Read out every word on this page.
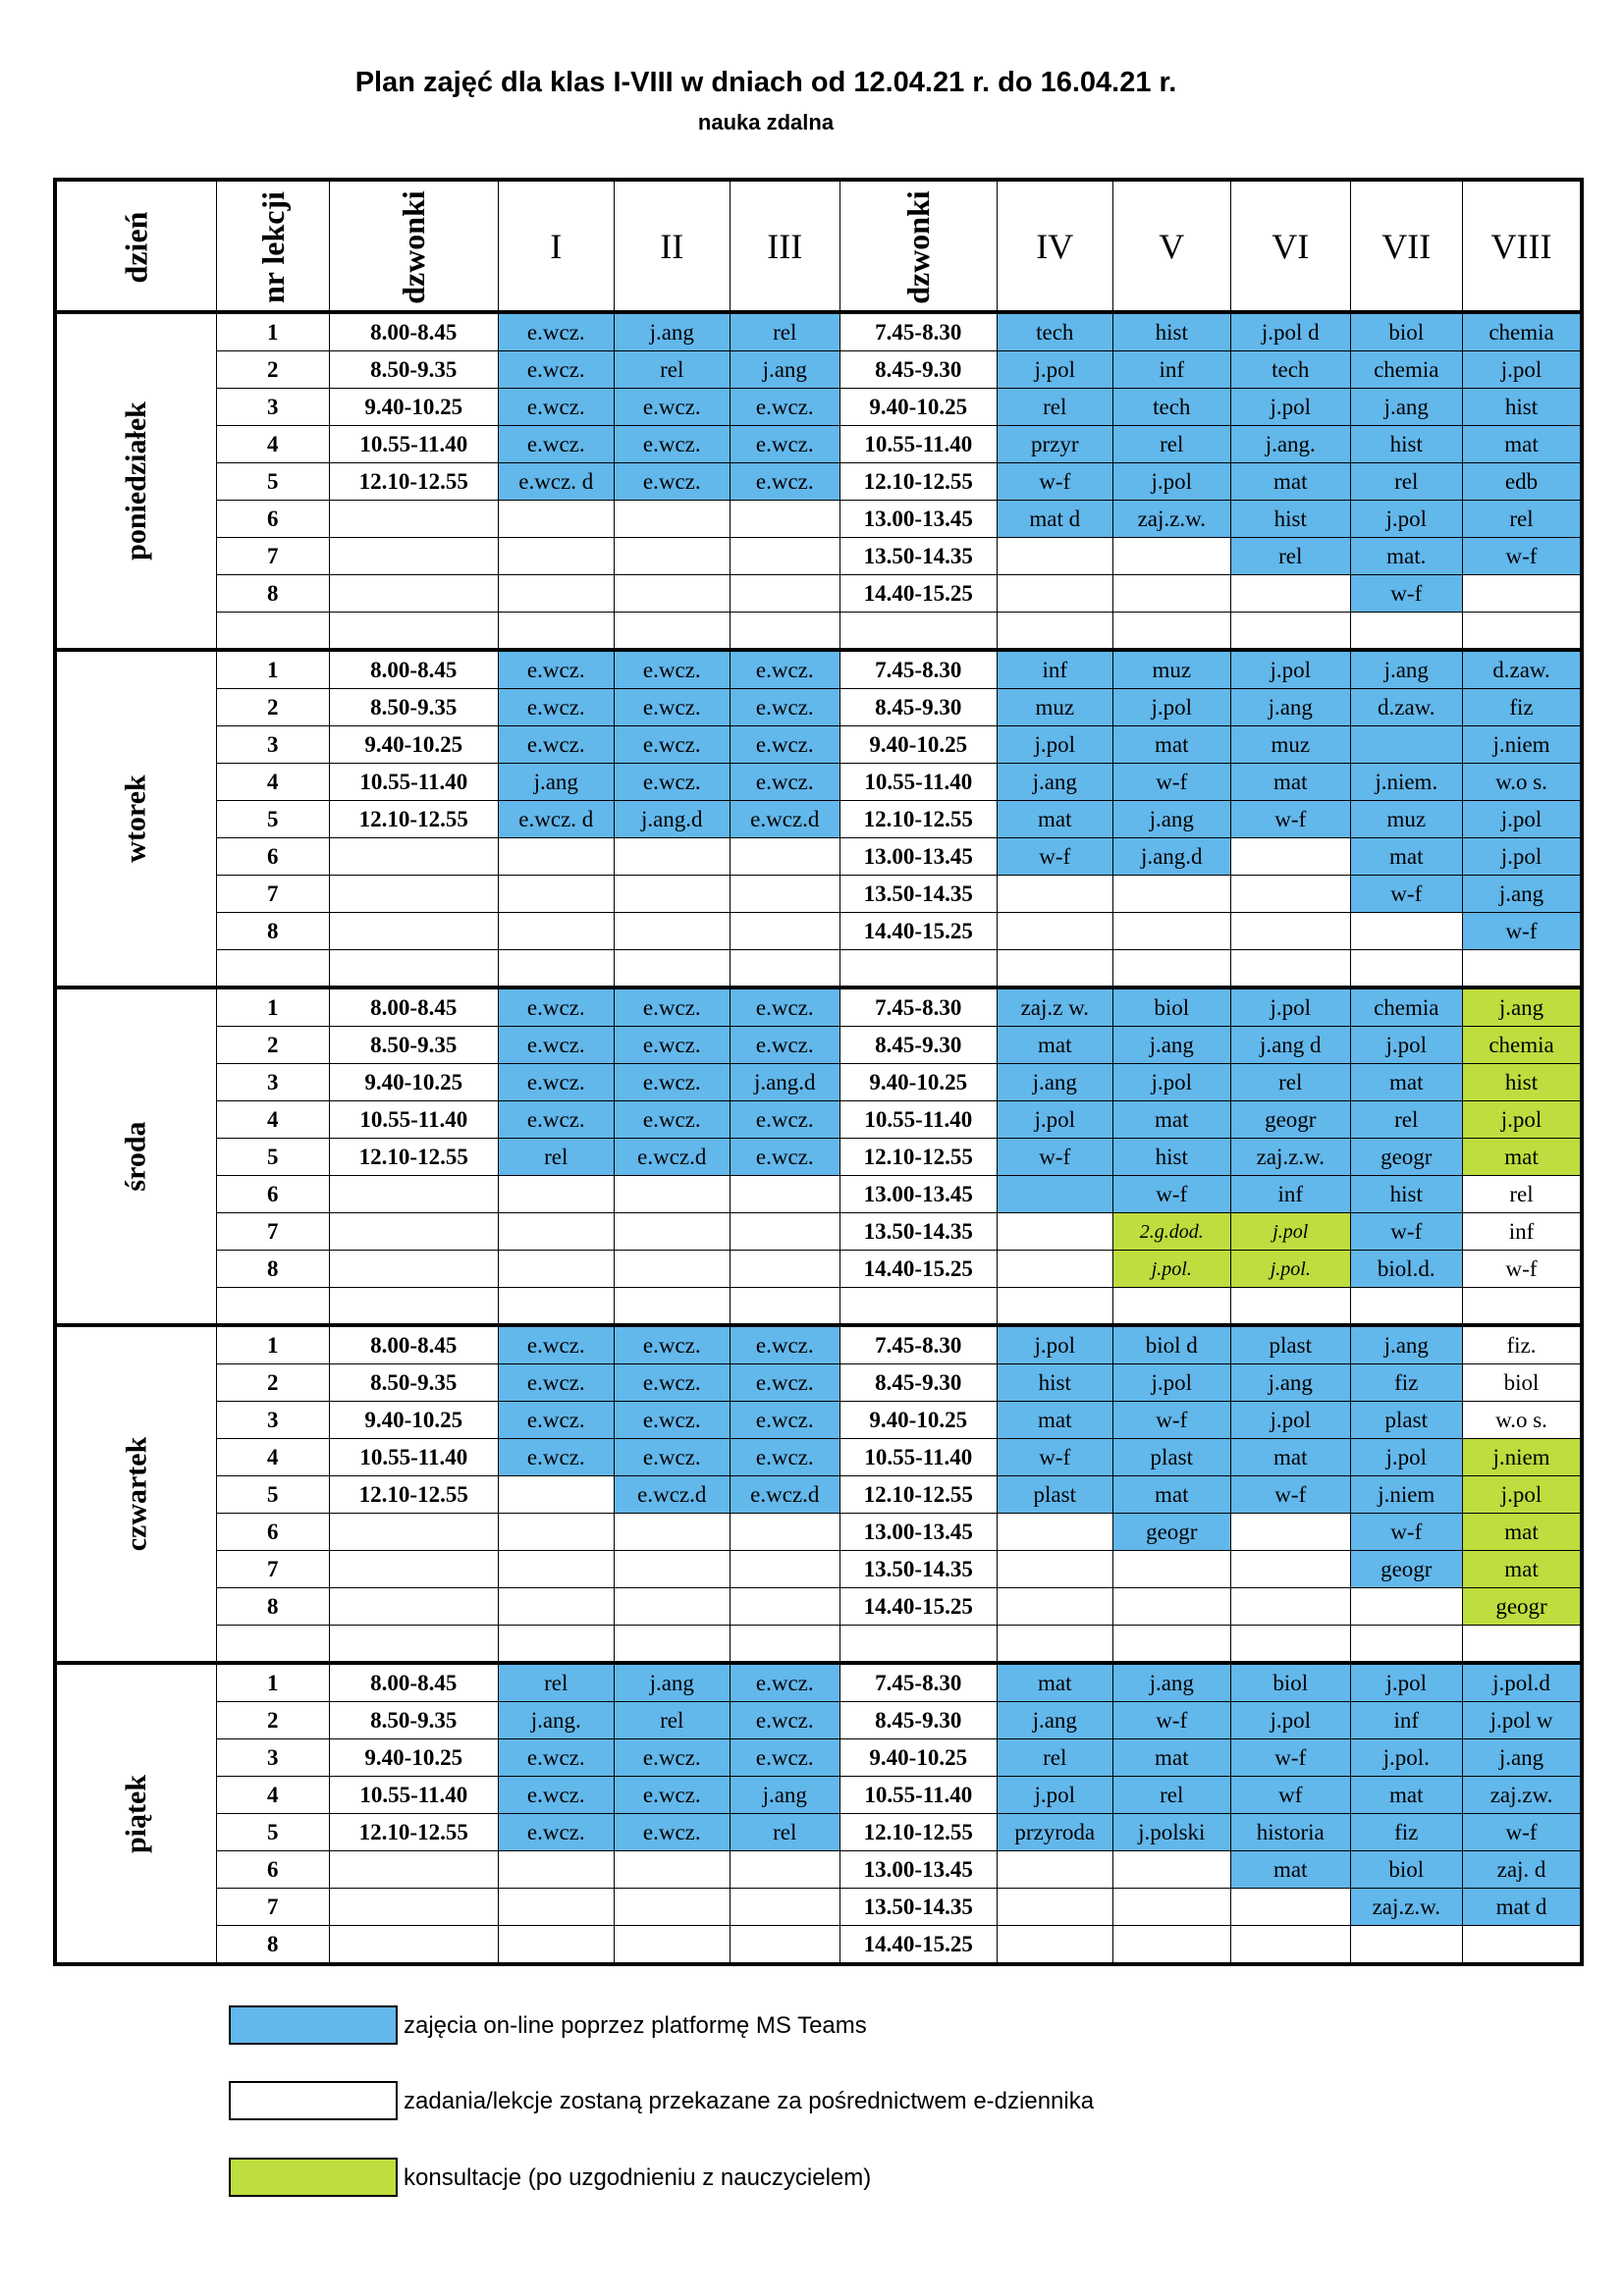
Plan zajęć dla klas I-VIII w dniach od 12.04.21 r. do 16.04.21 r.
nauka zdalna
dzień	nr lekcji	dzwonki	I	II	III	dzwonki	IV	V	VI	VII	VIII
poniedziałek	1	8.00-8.45	e.wcz.	j.ang	rel	7.45-8.30	tech	hist	j.pol d	biol	chemia
	2	8.50-9.35	e.wcz.	rel	j.ang	8.45-9.30	j.pol	inf	tech	chemia	j.pol
	3	9.40-10.25	e.wcz.	e.wcz.	e.wcz.	9.40-10.25	rel	tech	j.pol	j.ang	hist
	4	10.55-11.40	e.wcz.	e.wcz.	e.wcz.	10.55-11.40	przyr	rel	j.ang.	hist	mat
	5	12.10-12.55	e.wcz. d	e.wcz.	e.wcz.	12.10-12.55	w-f	j.pol	mat	rel	edb
	6					13.00-13.45	mat d	zaj.z.w.	hist	j.pol	rel
	7					13.50-14.35			rel	mat.	w-f
	8					14.40-15.25				w-f	

wtorek	1	8.00-8.45	e.wcz.	e.wcz.	e.wcz.	7.45-8.30	inf	muz	j.pol	j.ang	d.zaw.
	2	8.50-9.35	e.wcz.	e.wcz.	e.wcz.	8.45-9.30	muz	j.pol	j.ang	d.zaw.	fiz
	3	9.40-10.25	e.wcz.	e.wcz.	e.wcz.	9.40-10.25	j.pol	mat	muz		j.niem
	4	10.55-11.40	j.ang	e.wcz.	e.wcz.	10.55-11.40	j.ang	w-f	mat	j.niem.	w.o s.
	5	12.10-12.55	e.wcz. d	j.ang.d	e.wcz.d	12.10-12.55	mat	j.ang	w-f	muz	j.pol
	6					13.00-13.45	w-f	j.ang.d		mat	j.pol
	7					13.50-14.35				w-f	j.ang
	8					14.40-15.25					w-f

środa	1	8.00-8.45	e.wcz.	e.wcz.	e.wcz.	7.45-8.30	zaj.z w.	biol	j.pol	chemia	j.ang
	2	8.50-9.35	e.wcz.	e.wcz.	e.wcz.	8.45-9.30	mat	j.ang	j.ang d	j.pol	chemia
	3	9.40-10.25	e.wcz.	e.wcz.	j.ang.d	9.40-10.25	j.ang	j.pol	rel	mat	hist
	4	10.55-11.40	e.wcz.	e.wcz.	e.wcz.	10.55-11.40	j.pol	mat	geogr	rel	j.pol
	5	12.10-12.55	rel	e.wcz.d	e.wcz.	12.10-12.55	w-f	hist	zaj.z.w.	geogr	mat
	6					13.00-13.45		w-f	inf	hist	rel
	7					13.50-14.35		2.g.dod.	j.pol	w-f	inf
	8					14.40-15.25		j.pol.	j.pol.	biol.d.	w-f

czwartek	1	8.00-8.45	e.wcz.	e.wcz.	e.wcz.	7.45-8.30	j.pol	biol d	plast	j.ang	fiz.
	2	8.50-9.35	e.wcz.	e.wcz.	e.wcz.	8.45-9.30	hist	j.pol	j.ang	fiz	biol
	3	9.40-10.25	e.wcz.	e.wcz.	e.wcz.	9.40-10.25	mat	w-f	j.pol	plast	w.o s.
	4	10.55-11.40	e.wcz.	e.wcz.	e.wcz.	10.55-11.40	w-f	plast	mat	j.pol	j.niem
	5	12.10-12.55		e.wcz.d	e.wcz.d	12.10-12.55	plast	mat	w-f	j.niem	j.pol
	6					13.00-13.45		geogr		w-f	mat
	7					13.50-14.35				geogr	mat
	8					14.40-15.25					geogr

piątek	1	8.00-8.45	rel	j.ang	e.wcz.	7.45-8.30	mat	j.ang	biol	j.pol	j.pol.d
	2	8.50-9.35	j.ang.	rel	e.wcz.	8.45-9.30	j.ang	w-f	j.pol	inf	j.pol w
	3	9.40-10.25	e.wcz.	e.wcz.	e.wcz.	9.40-10.25	rel	mat	w-f	j.pol.	j.ang
	4	10.55-11.40	e.wcz.	e.wcz.	j.ang	10.55-11.40	j.pol	rel	wf	mat	zaj.zw.
	5	12.10-12.55	e.wcz.	e.wcz.	rel	12.10-12.55	przyroda	j.polski	historia	fiz	w-f
	6					13.00-13.45			mat	biol	zaj. d
	7					13.50-14.35				zaj.z.w.	mat d
	8					14.40-15.25					
zajęcia on-line poprzez platformę MS Teams
zadania/lekcje zostaną przekazane za pośrednictwem e-dziennika
konsultacje (po uzgodnieniu z nauczycielem)
